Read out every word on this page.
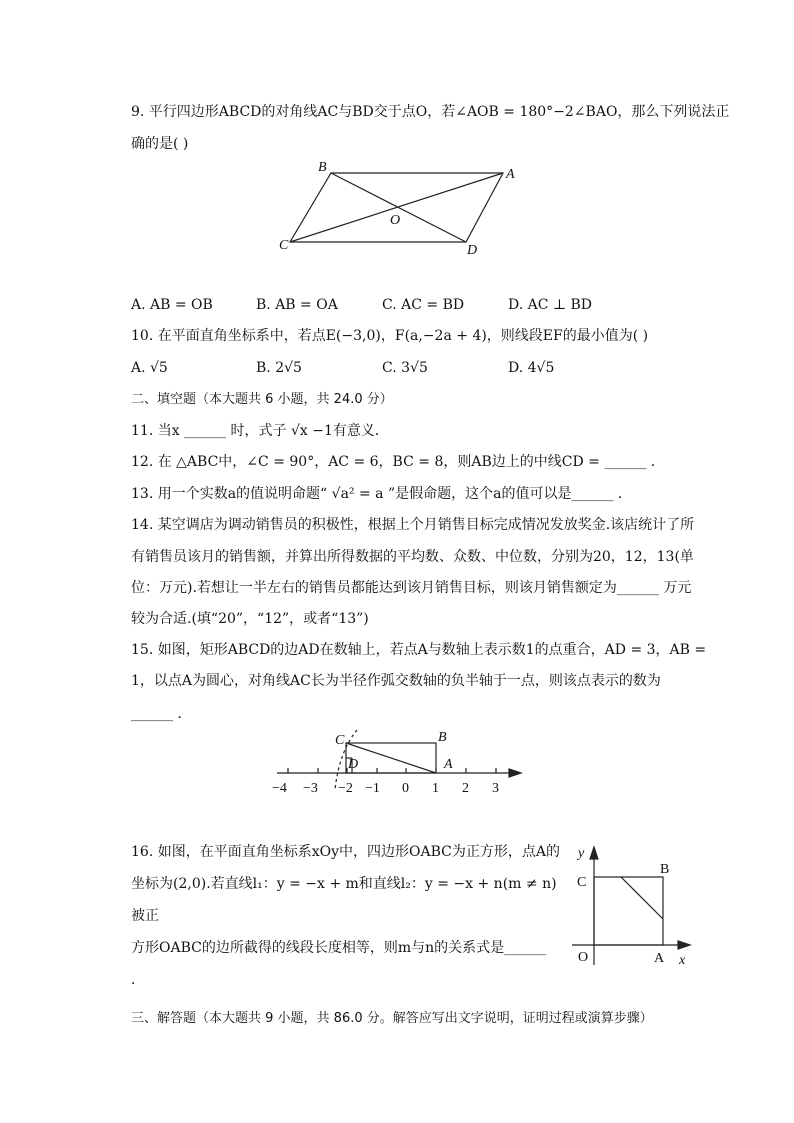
9. 平行四边形ABCD的对角线AC与BD交于点O，若∠AOB = 180°−2∠BAO，那么下列说法正
确的是( )
B	A
O
C	D
A. AB = OB	B. AB = OA	C. AC = BD	D. AC ⊥ BD
10. 在平面直角坐标系中，若点E(−3,0)，F(a,−2a + 4)，则线段EF的最小值为( )
A. √5	B. 2√5	C. 3√5	D. 4√5
二、填空题（本大题共 6 小题，共 24.0 分）
11. 当x ______ 时，式子 √x −1有意义．
12. 在 △ABC中，∠C = 90°，AC = 6，BC = 8，则AB边上的中线CD = ______ ．
13. 用一个实数a的值说明命题“ √a² = a ”是假命题，这个a的值可以是______ ．
14. 某空调店为调动销售员的积极性，根据上个月销售目标完成情况发放奖金.该店统计了所
有销售员该月的销售额，并算出所得数据的平均数、众数、中位数，分别为20，12，13(单
位：万元).若想让一半左右的销售员都能达到该月销售目标，则该月销售额定为______ 万元
较为合适.(填“20”，“12”，或者“13”)
15. 如图，矩形ABCD的边AD在数轴上，若点A与数轴上表示数1的点重合，AD = 3，AB =
1，以点A为圆心，对角线AC长为半径作弧交数轴的负半轴于一点，则该点表示的数为
______ ．
C	B
D	A
−4 −3 −2 −1 0 1 2 3
16. 如图，在平面直角坐标系xOy中，四边形OABC为正方形，点A的
坐标为(2,0).若直线l₁：y = −x + m和直线l₂：y = −x + n(m ≠ n)被正
方形OABC的边所截得的线段长度相等，则m与n的关系式是______ ．
y
B
C
O	A x
三、解答题（本大题共 9 小题，共 86.0 分。解答应写出文字说明，证明过程或演算步骤）
